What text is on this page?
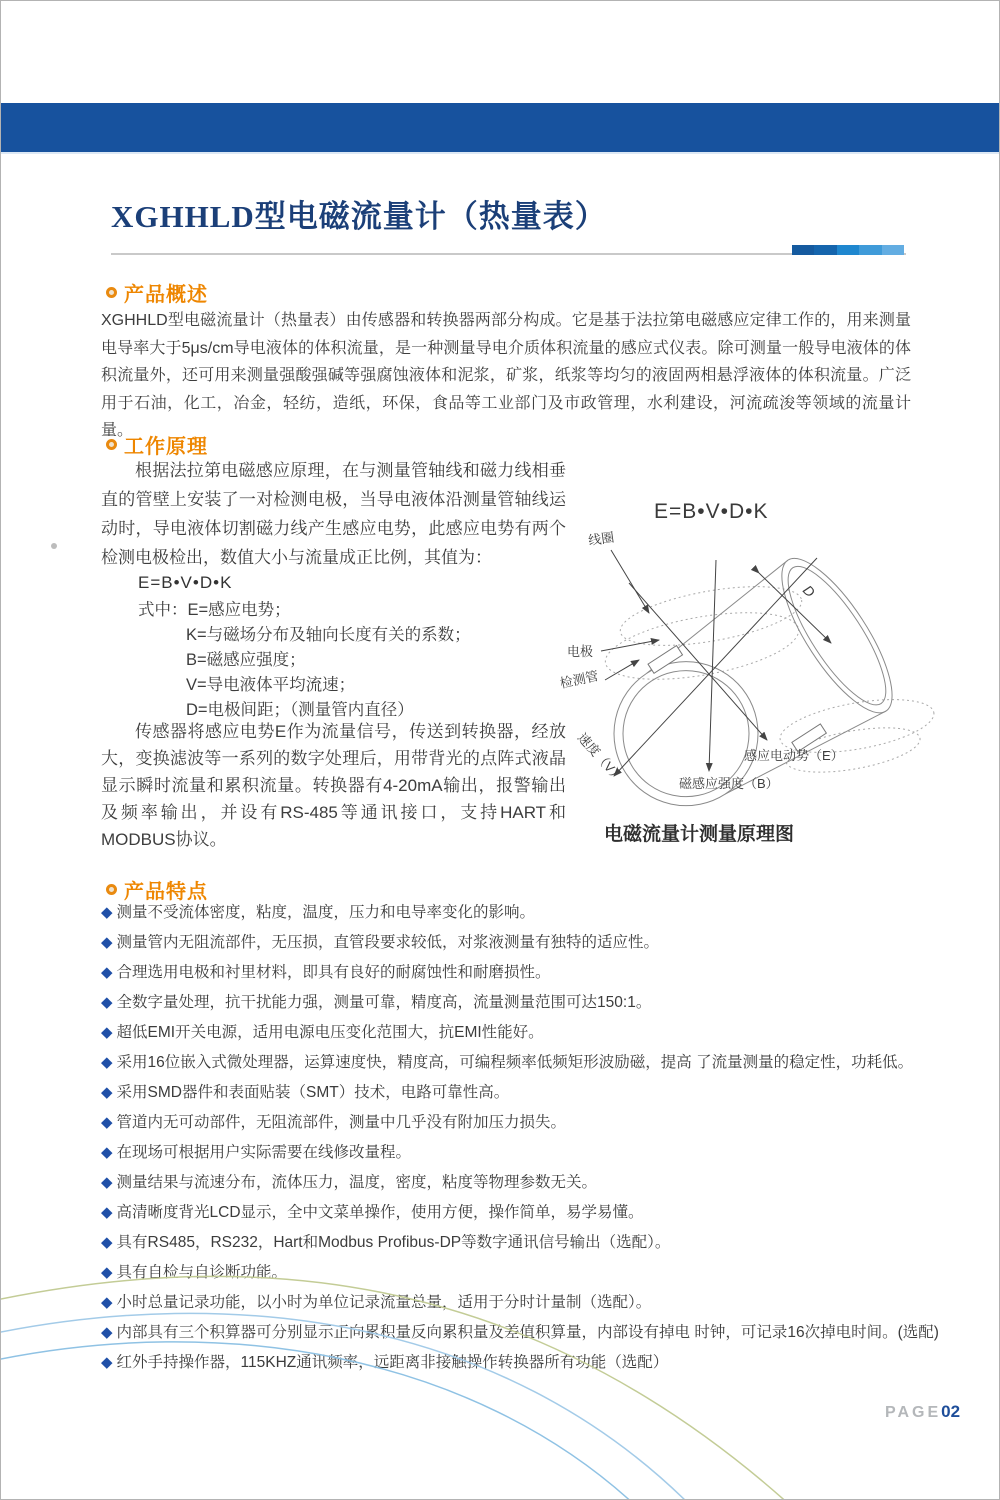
XGHHLD型电磁流量计（热量表）
产品概述

XGHHLD型电磁流量计（热量表）由传感器和转换器两部分构成。它是基于法拉第电磁感应定律工作的，用来测量电导率大于5μs/cm导电液体的体积流量，是一种测量导电介质体积流量的感应式仪表。除可测量一般导电液体的体积流量外，还可用来测量强酸强碱等强腐蚀液体和泥浆，矿浆，纸浆等均匀的液固两相悬浮液体的体积流量。广泛用于石油，化工，冶金，轻纺，造纸，环保，食品等工业部门及市政管理，水利建设，河流疏浚等领域的流量计量。

工作原理

根据法拉第电磁感应原理，在与测量管轴线和磁力线相垂直的管壁上安装了一对检测电极，当导电液体沿测量管轴线运动时，导电液体切割磁力线产生感应电势，此感应电势有两个检测电极检出，数值大小与流量成正比例，其值为：

E=B•V•D•K
式中： E=感应电势；
K=与磁场分布及轴向长度有关的系数；
B=磁感应强度；
V=导电液体平均流速；
D=电极间距；（测量管内直径）

传感器将感应电势E作为流量信号，传送到转换器，经放大，变换滤波等一系列的数字处理后，用带背光的点阵式液晶显示瞬时流量和累积流量。转换器有4-20mA输出，报警输出及频率输出，并设有RS-485等通讯接口，支持HART和MODBUS协议。

E=B•V•D•K
线圈
D
电极
检测管
速度（V）	磁感应强度（B）
感应电动势（E）
电磁流量计测量原理图
产品特点
◆ 测量不受流体密度，粘度，温度，压力和电导率变化的影响。
◆ 测量管内无阻流部件，无压损，直管段要求较低，对浆液测量有独特的适应性。
◆ 合理选用电极和衬里材料，即具有良好的耐腐蚀性和耐磨损性。
◆ 全数字量处理，抗干扰能力强，测量可靠，精度高，流量测量范围可达150:1。
◆ 超低EMI开关电源，适用电源电压变化范围大，抗EMI性能好。
◆ 采用16位嵌入式微处理器，运算速度快，精度高，可编程频率低频矩形波励磁，提高 了流量测量的稳定性，功耗低。
◆ 采用SMD器件和表面贴装（SMT）技术，电路可靠性高。
◆ 管道内无可动部件，无阻流部件，测量中几乎没有附加压力损失。
◆ 在现场可根据用户实际需要在线修改量程。
◆ 测量结果与流速分布，流体压力，温度，密度，粘度等物理参数无关。
◆ 高清晰度背光LCD显示，全中文菜单操作，使用方便，操作简单，易学易懂。
◆ 具有RS485，RS232，Hart和Modbus Profibus-DP等数字通讯信号输出（选配）。
◆ 具有自检与自诊断功能。
◆ 小时总量记录功能，以小时为单位记录流量总量，适用于分时计量制（选配）。
◆ 内部具有三个积算器可分别显示正向累积量反向累积量及差值积算量，内部设有掉电 时钟，可记录16次掉电时间。(选配)
◆ 红外手持操作器，115KHZ通讯频率，远距离非接触操作转换器所有功能（选配）
PAGE02
